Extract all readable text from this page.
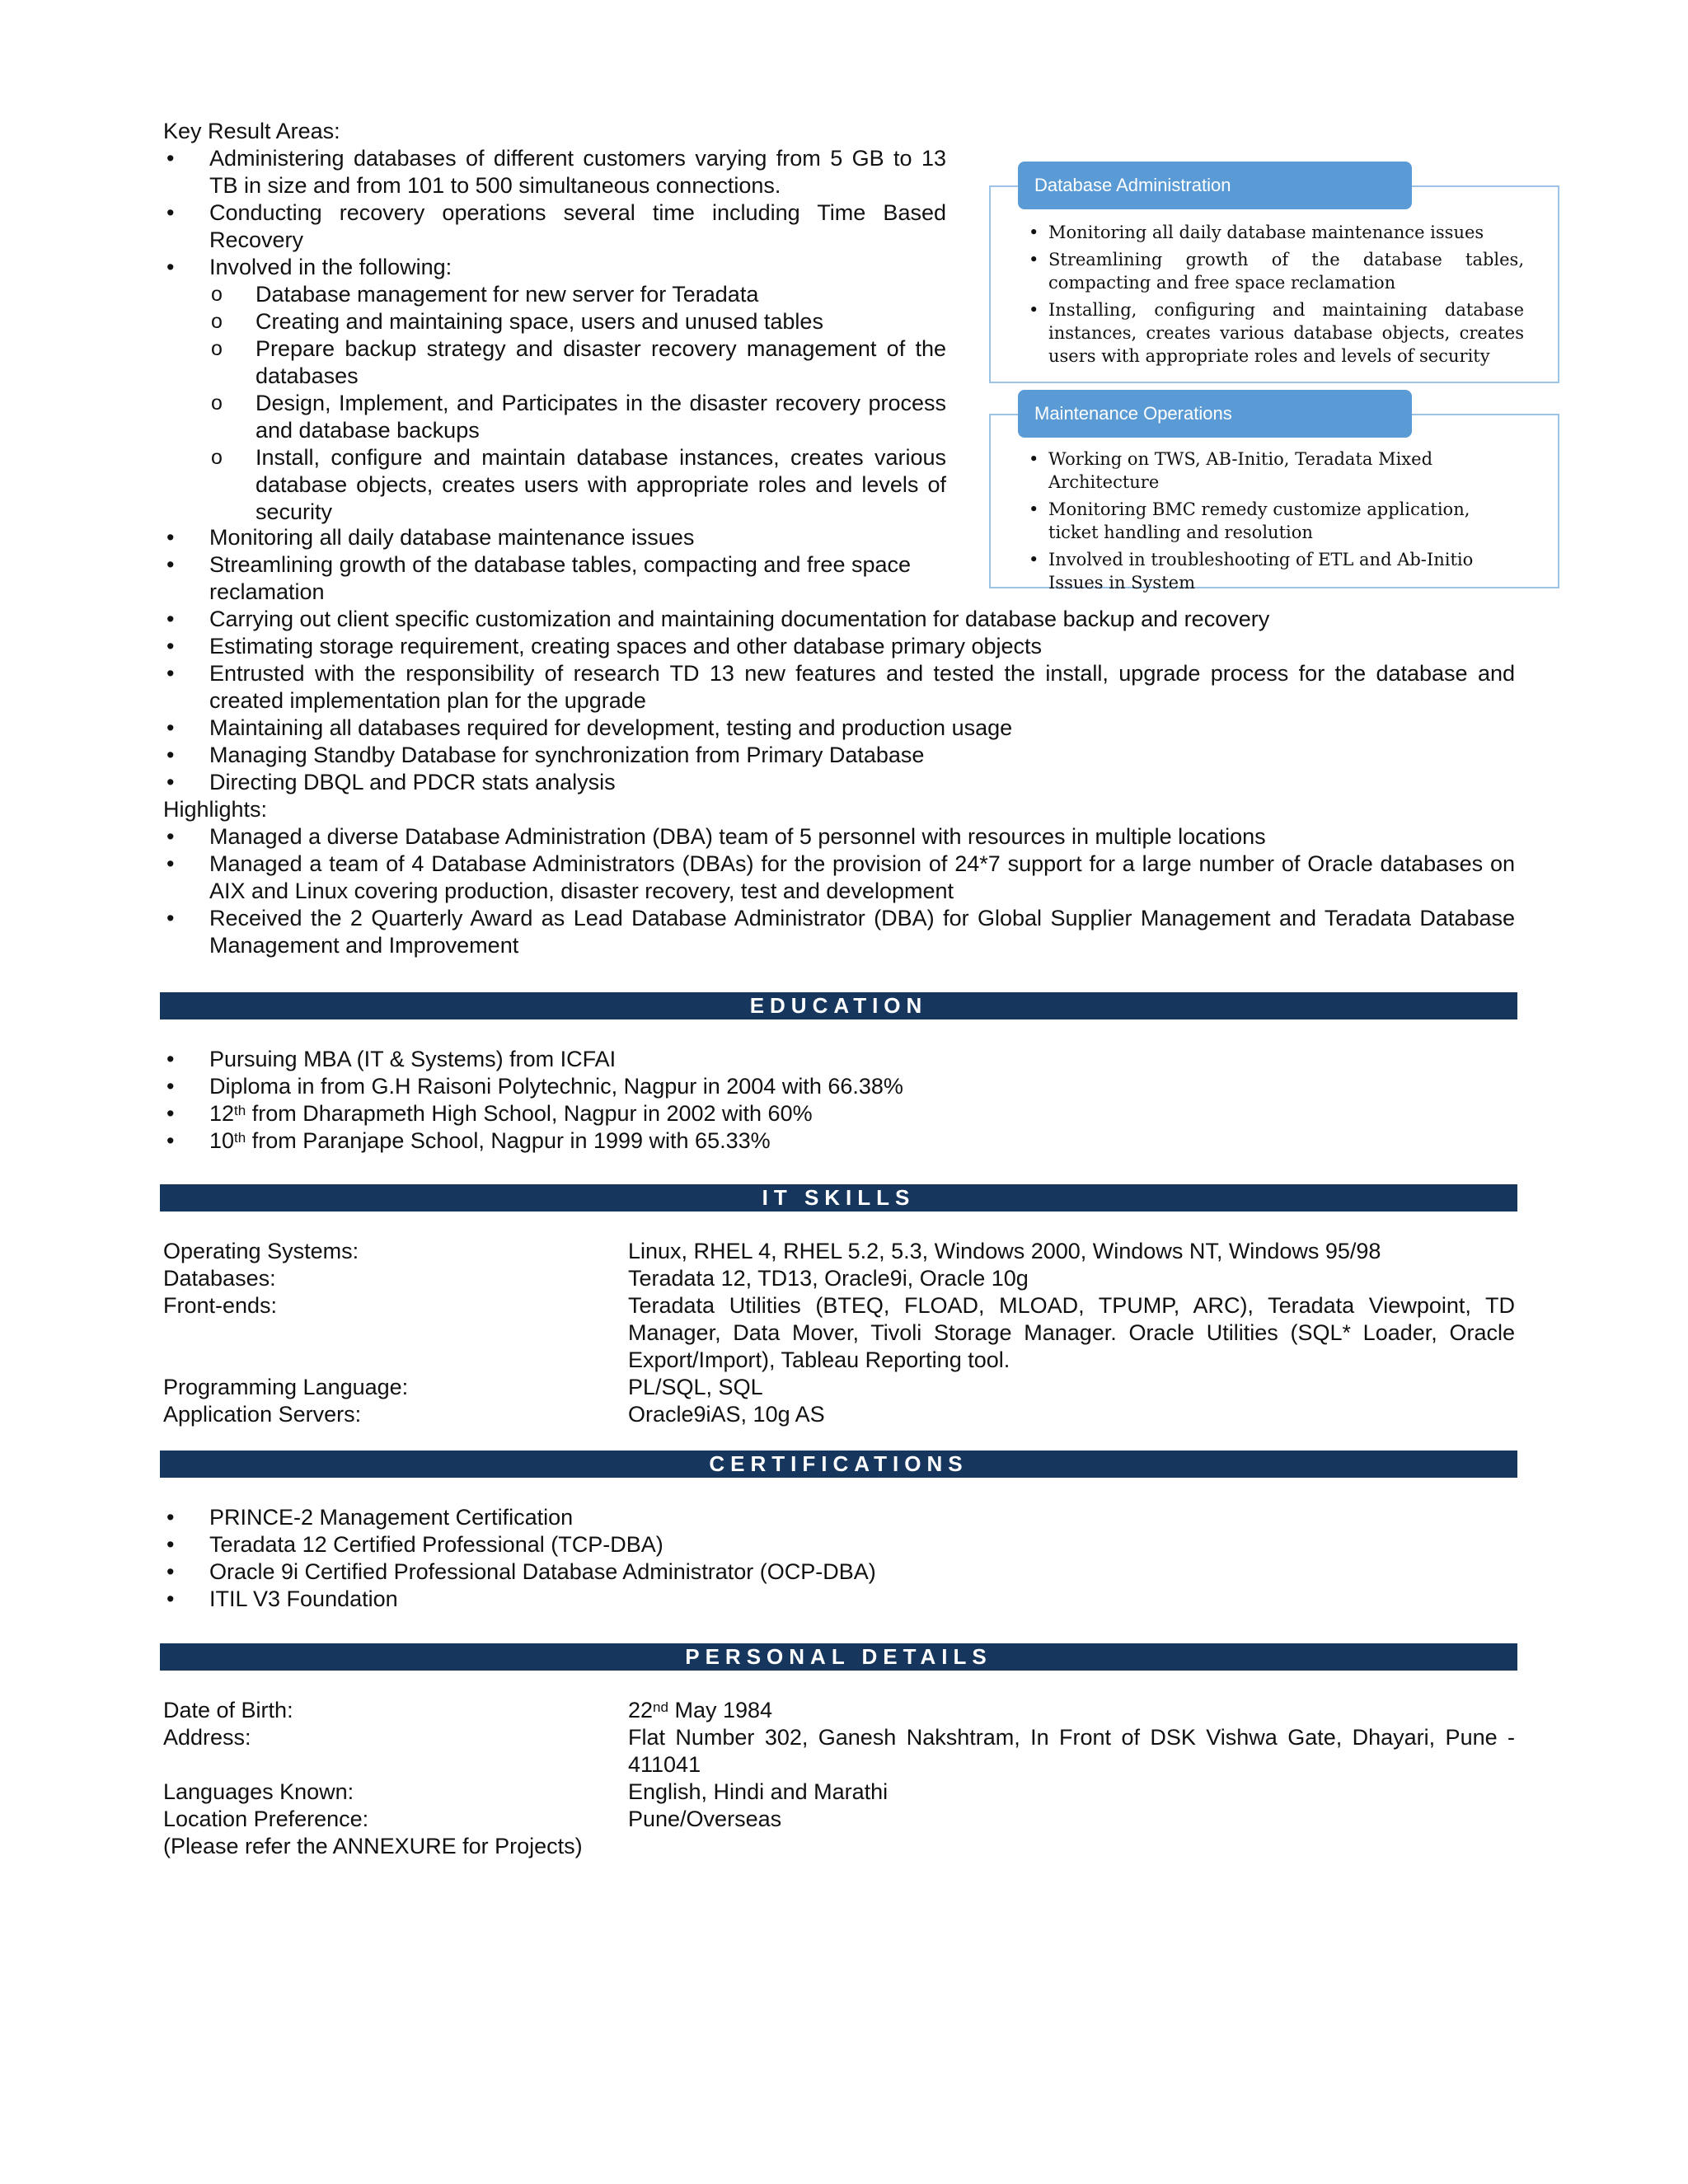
Key Result Areas:

• Administering databases of different customers varying from 5 GB to 13 TB in size and from 101 to 500 simultaneous connections.
• Conducting recovery operations several time including Time Based Recovery
• Involved in the following:
o Database management for new server for Teradata
o Creating and maintaining space, users and unused tables
o Prepare backup strategy and disaster recovery management of the databases
o Design, Implement, and Participates in the disaster recovery process and database backups
o Install, configure and maintain database instances, creates various database objects, creates users with appropriate roles and levels of security
• Monitoring all daily database maintenance issues
• Streamlining growth of the database tables, compacting and free space reclamation
• Carrying out client specific customization and maintaining documentation for database backup and recovery
• Estimating storage requirement, creating spaces and other database primary objects
• Entrusted with the responsibility of research TD 13 new features and tested the install, upgrade process for the database and created implementation plan for the upgrade
• Maintaining all databases required for development, testing and production usage
• Managing Standby Database for synchronization from Primary Database
• Directing DBQL and PDCR stats analysis

Highlights:

• Managed a diverse Database Administration (DBA) team of 5 personnel with resources in multiple locations
• Managed a team of 4 Database Administrators (DBAs) for the provision of 24*7 support for a large number of Oracle databases on AIX and Linux covering production, disaster recovery, test and development
• Received the 2 Quarterly Award as Lead Database Administrator (DBA) for Global Supplier Management and Teradata Database Management and Improvement
• Monitoring all daily database maintenance issues
• Streamlining growth of the database tables, compacting and free space reclamation
• Installing, configuring and maintaining database instances, creates various database objects, creates users with appropriate roles and levels of security
Database Administration
• Working on TWS, AB-Initio, Teradata Mixed Architecture
• Monitoring BMC remedy customize application, ticket handling and resolution
• Involved in troubleshooting of ETL and Ab-Initio Issues in System
Maintenance Operations
EDUCATION
• Pursuing MBA (IT & Systems) from ICFAI
• Diploma in from G.H Raisoni Polytechnic, Nagpur in 2004 with 66.38%
• 12th from Dharapmeth High School, Nagpur in 2002 with 60%
• 10th from Paranjape School, Nagpur in 1999 with 65.33%
IT SKILLS
Operating Systems:	Linux, RHEL 4, RHEL 5.2, 5.3, Windows 2000, Windows NT, Windows 95/98
Databases:	Teradata 12, TD13, Oracle9i, Oracle 10g
Front-ends:	Teradata Utilities (BTEQ, FLOAD, MLOAD, TPUMP, ARC), Teradata Viewpoint, TD Manager, Data Mover, Tivoli Storage Manager. Oracle Utilities (SQL* Loader, Oracle Export/Import), Tableau Reporting tool.
Programming Language:	PL/SQL, SQL
Application Servers:	Oracle9iAS, 10g AS
CERTIFICATIONS
• PRINCE-2 Management Certification
• Teradata 12 Certified Professional (TCP-DBA)
• Oracle 9i Certified Professional Database Administrator (OCP-DBA)
• ITIL V3 Foundation
PERSONAL DETAILS
Date of Birth:	22nd May 1984
Address:	Flat Number 302, Ganesh Nakshtram, In Front of DSK Vishwa Gate, Dhayari, Pune - 411041
Languages Known:	English, Hindi and Marathi
Location Preference:	Pune/Overseas
(Please refer the ANNEXURE for Projects)
